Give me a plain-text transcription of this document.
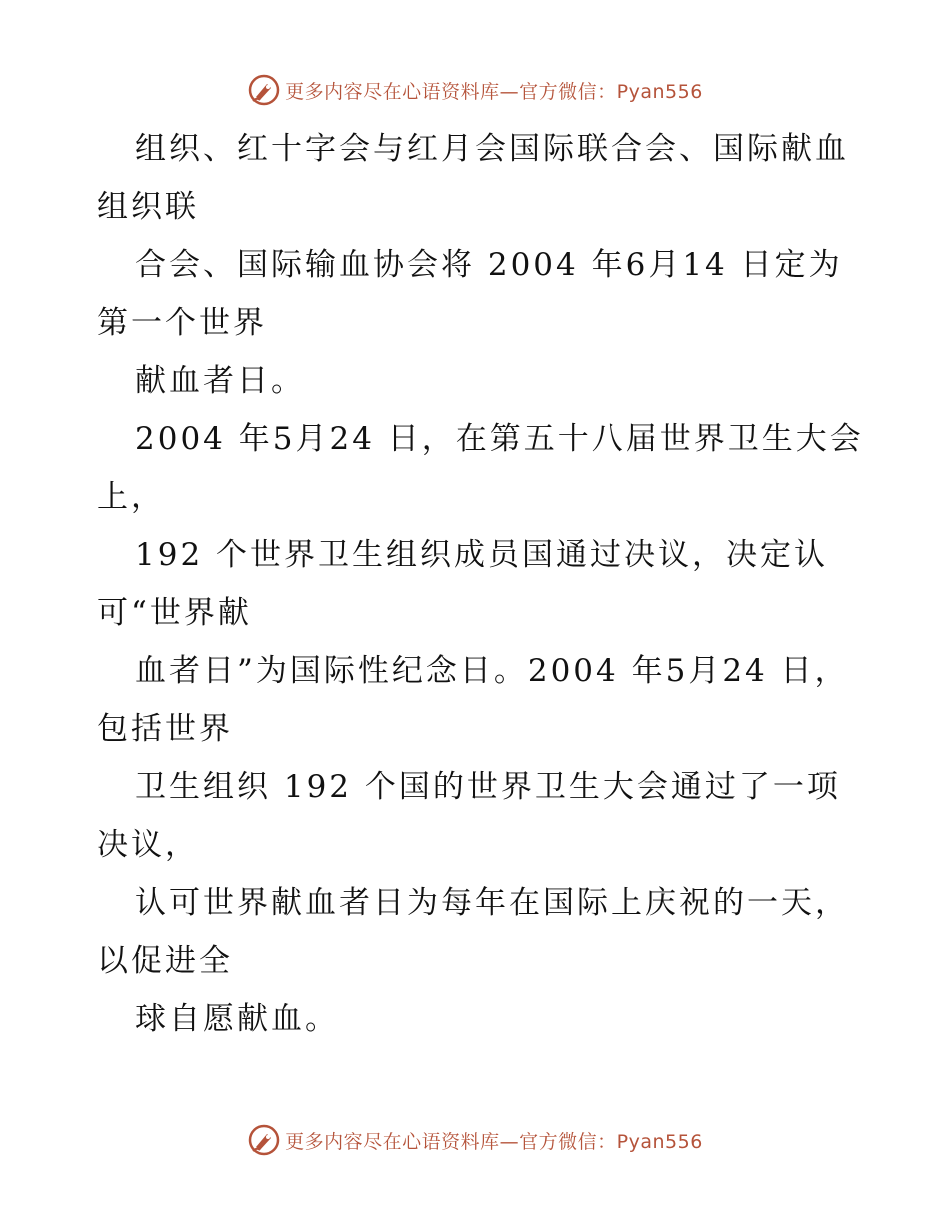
更多内容尽在心语资料库—官方微信：Pyan556
组织、红十字会与红月会国际联合会、国际献血
组织联
合会、国际输血协会将 2004 年6月14 日定为
第一个世界
献血者日。
2004 年5月24 日，在第五十八届世界卫生大会
上，
192 个世界卫生组织成员国通过决议，决定认
可“世界献
血者日”为国际性纪念日。2004 年5月24 日，
包括世界
卫生组织 192 个国的世界卫生大会通过了一项
决议，
认可世界献血者日为每年在国际上庆祝的一天，
以促进全
球自愿献血。
更多内容尽在心语资料库—官方微信：Pyan556
